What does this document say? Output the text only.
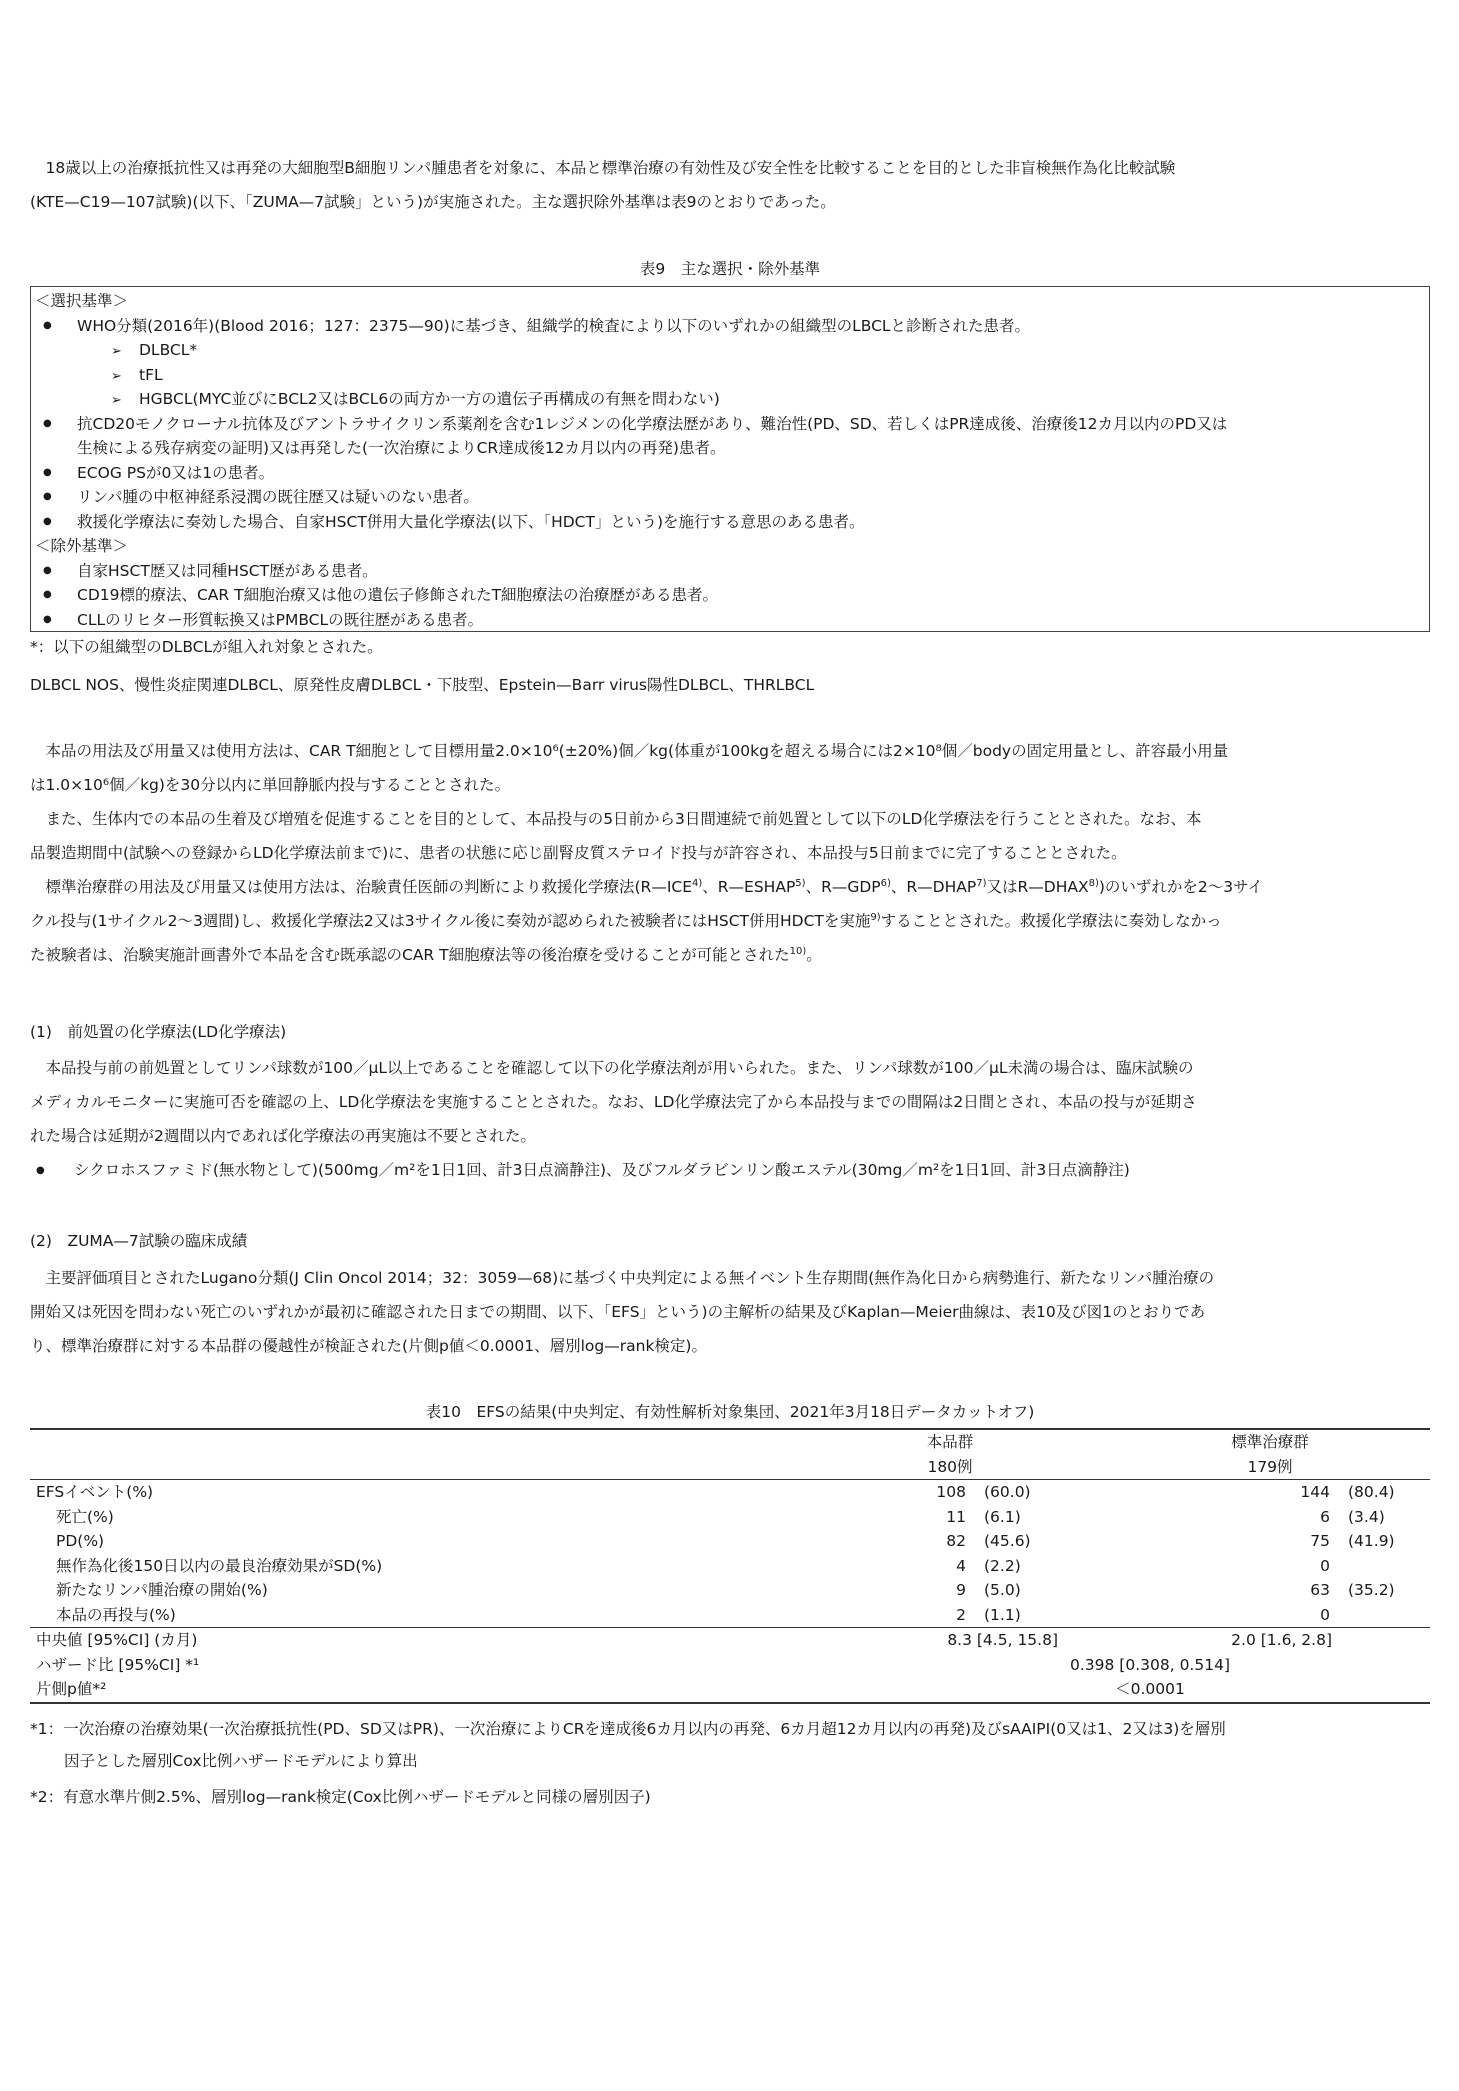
18歳以上の治療抵抗性又は再発の大細胞型B細胞リンパ腫患者を対象に、本品と標準治療の有効性及び安全性を比較することを目的とした非盲検無作為化比較試験

(KTE—C19—107試験)(以下、「ZUMA—7試験」という)が実施された。主な選択除外基準は表9のとおりであった。

表9　主な選択・除外基準
＜選択基準＞
● WHO分類(2016年)(Blood 2016；127：2375—90)に基づき、組織学的検査により以下のいずれかの組織型のLBCLと診断された患者。
➢ DLBCL*
➢ tFL
➢ HGBCL(MYC並びにBCL2又はBCL6の両方か一方の遺伝子再構成の有無を問わない)
● 抗CD20モノクローナル抗体及びアントラサイクリン系薬剤を含む1レジメンの化学療法歴があり、難治性(PD、SD、若しくはPR達成後、治療後12カ月以内のPD又は
生検による残存病変の証明)又は再発した(一次治療によりCR達成後12カ月以内の再発)患者。
● ECOG PSが0又は1の患者。
● リンパ腫の中枢神経系浸潤の既往歴又は疑いのない患者。
● 救援化学療法に奏効した場合、自家HSCT併用大量化学療法(以下、「HDCT」という)を施行する意思のある患者。
＜除外基準＞
● 自家HSCT歴又は同種HSCT歴がある患者。
● CD19標的療法、CAR T細胞治療又は他の遺伝子修飾されたT細胞療法の治療歴がある患者。
● CLLのリヒター形質転換又はPMBCLの既往歴がある患者。
*：以下の組織型のDLBCLが組入れ対象とされた。
DLBCL NOS、慢性炎症関連DLBCL、原発性皮膚DLBCL・下肢型、Epstein—Barr virus陽性DLBCL、THRLBCL

本品の用法及び用量又は使用方法は、CAR T細胞として目標用量2.0×10⁶(±20%)個／kg(体重が100kgを超える場合には2×10⁸個／bodyの固定用量とし、許容最小用量

は1.0×10⁶個／kg)を30分以内に単回静脈内投与することとされた。

また、生体内での本品の生着及び増殖を促進することを目的として、本品投与の5日前から3日間連続で前処置として以下のLD化学療法を行うこととされた。なお、本

品製造期間中(試験への登録からLD化学療法前まで)に、患者の状態に応じ副腎皮質ステロイド投与が許容され、本品投与5日前までに完了することとされた。

標準治療群の用法及び用量又は使用方法は、治験責任医師の判断により救援化学療法(R—ICE$^{4)}$、R—ESHAP$^{5)}$、R—GDP$^{6)}$、R—DHAP$^{7)}$又はR—DHAX$^{8)}$)のいずれかを2～3サイ

クル投与(1サイクル2～3週間)し、救援化学療法2又は3サイクル後に奏効が認められた被験者にはHSCT併用HDCTを実施$^{9)}$することとされた。救援化学療法に奏効しなかっ

た被験者は、治験実施計画書外で本品を含む既承認のCAR T細胞療法等の後治療を受けることが可能とされた$^{10)}$。

(1)　前処置の化学療法(LD化学療法)

本品投与前の前処置としてリンパ球数が100／μL以上であることを確認して以下の化学療法剤が用いられた。また、リンパ球数が100／μL未満の場合は、臨床試験の

メディカルモニターに実施可否を確認の上、LD化学療法を実施することとされた。なお、LD化学療法完了から本品投与までの間隔は2日間とされ、本品の投与が延期さ

れた場合は延期が2週間以内であれば化学療法の再実施は不要とされた。

● シクロホスファミド(無水物として)(500mg／m²を1日1回、計3日点滴静注)、及びフルダラビンリン酸エステル(30mg／m²を1日1回、計3日点滴静注)

(2)　ZUMA—7試験の臨床成績

主要評価項目とされたLugano分類(J Clin Oncol 2014；32：3059—68)に基づく中央判定による無イベント生存期間(無作為化日から病勢進行、新たなリンパ腫治療の

開始又は死因を問わない死亡のいずれかが最初に確認された日までの期間、以下、「EFS」という)の主解析の結果及びKaplan—Meier曲線は、表10及び図1のとおりであ

り、標準治療群に対する本品群の優越性が検証された(片側p値＜0.0001、層別log—rank検定)。

表10　EFSの結果(中央判定、有効性解析対象集団、2021年3月18日データカットオフ)
	本品群	標準治療群
	180例	179例
EFSイベント(%)	108 (60.0)	144 (80.4)
死亡(%)	11 (6.1)	6 (3.4)
PD(%)	82 (45.6)	75 (41.9)
無作為化後150日以内の最良治療効果がSD(%)	4 (2.2)	0
新たなリンパ腫治療の開始(%)	9 (5.0)	63 (35.2)
本品の再投与(%)	2 (1.1)	0
中央値 [95%CI] (カ月)	8.3 [4.5, 15.8]	2.0 [1.6, 2.8]
ハザード比 [95%CI] *¹	0.398 [0.308, 0.514]	
片側p値*²	＜0.0001	

*1：一次治療の治療効果(一次治療抵抗性(PD、SD又はPR)、一次治療によりCRを達成後6カ月以内の再発、6カ月超12カ月以内の再発)及びsAAIPI(0又は1、2又は3)を層別

因子とした層別Cox比例ハザードモデルにより算出

*2：有意水準片側2.5%、層別log—rank検定(Cox比例ハザードモデルと同様の層別因子)
